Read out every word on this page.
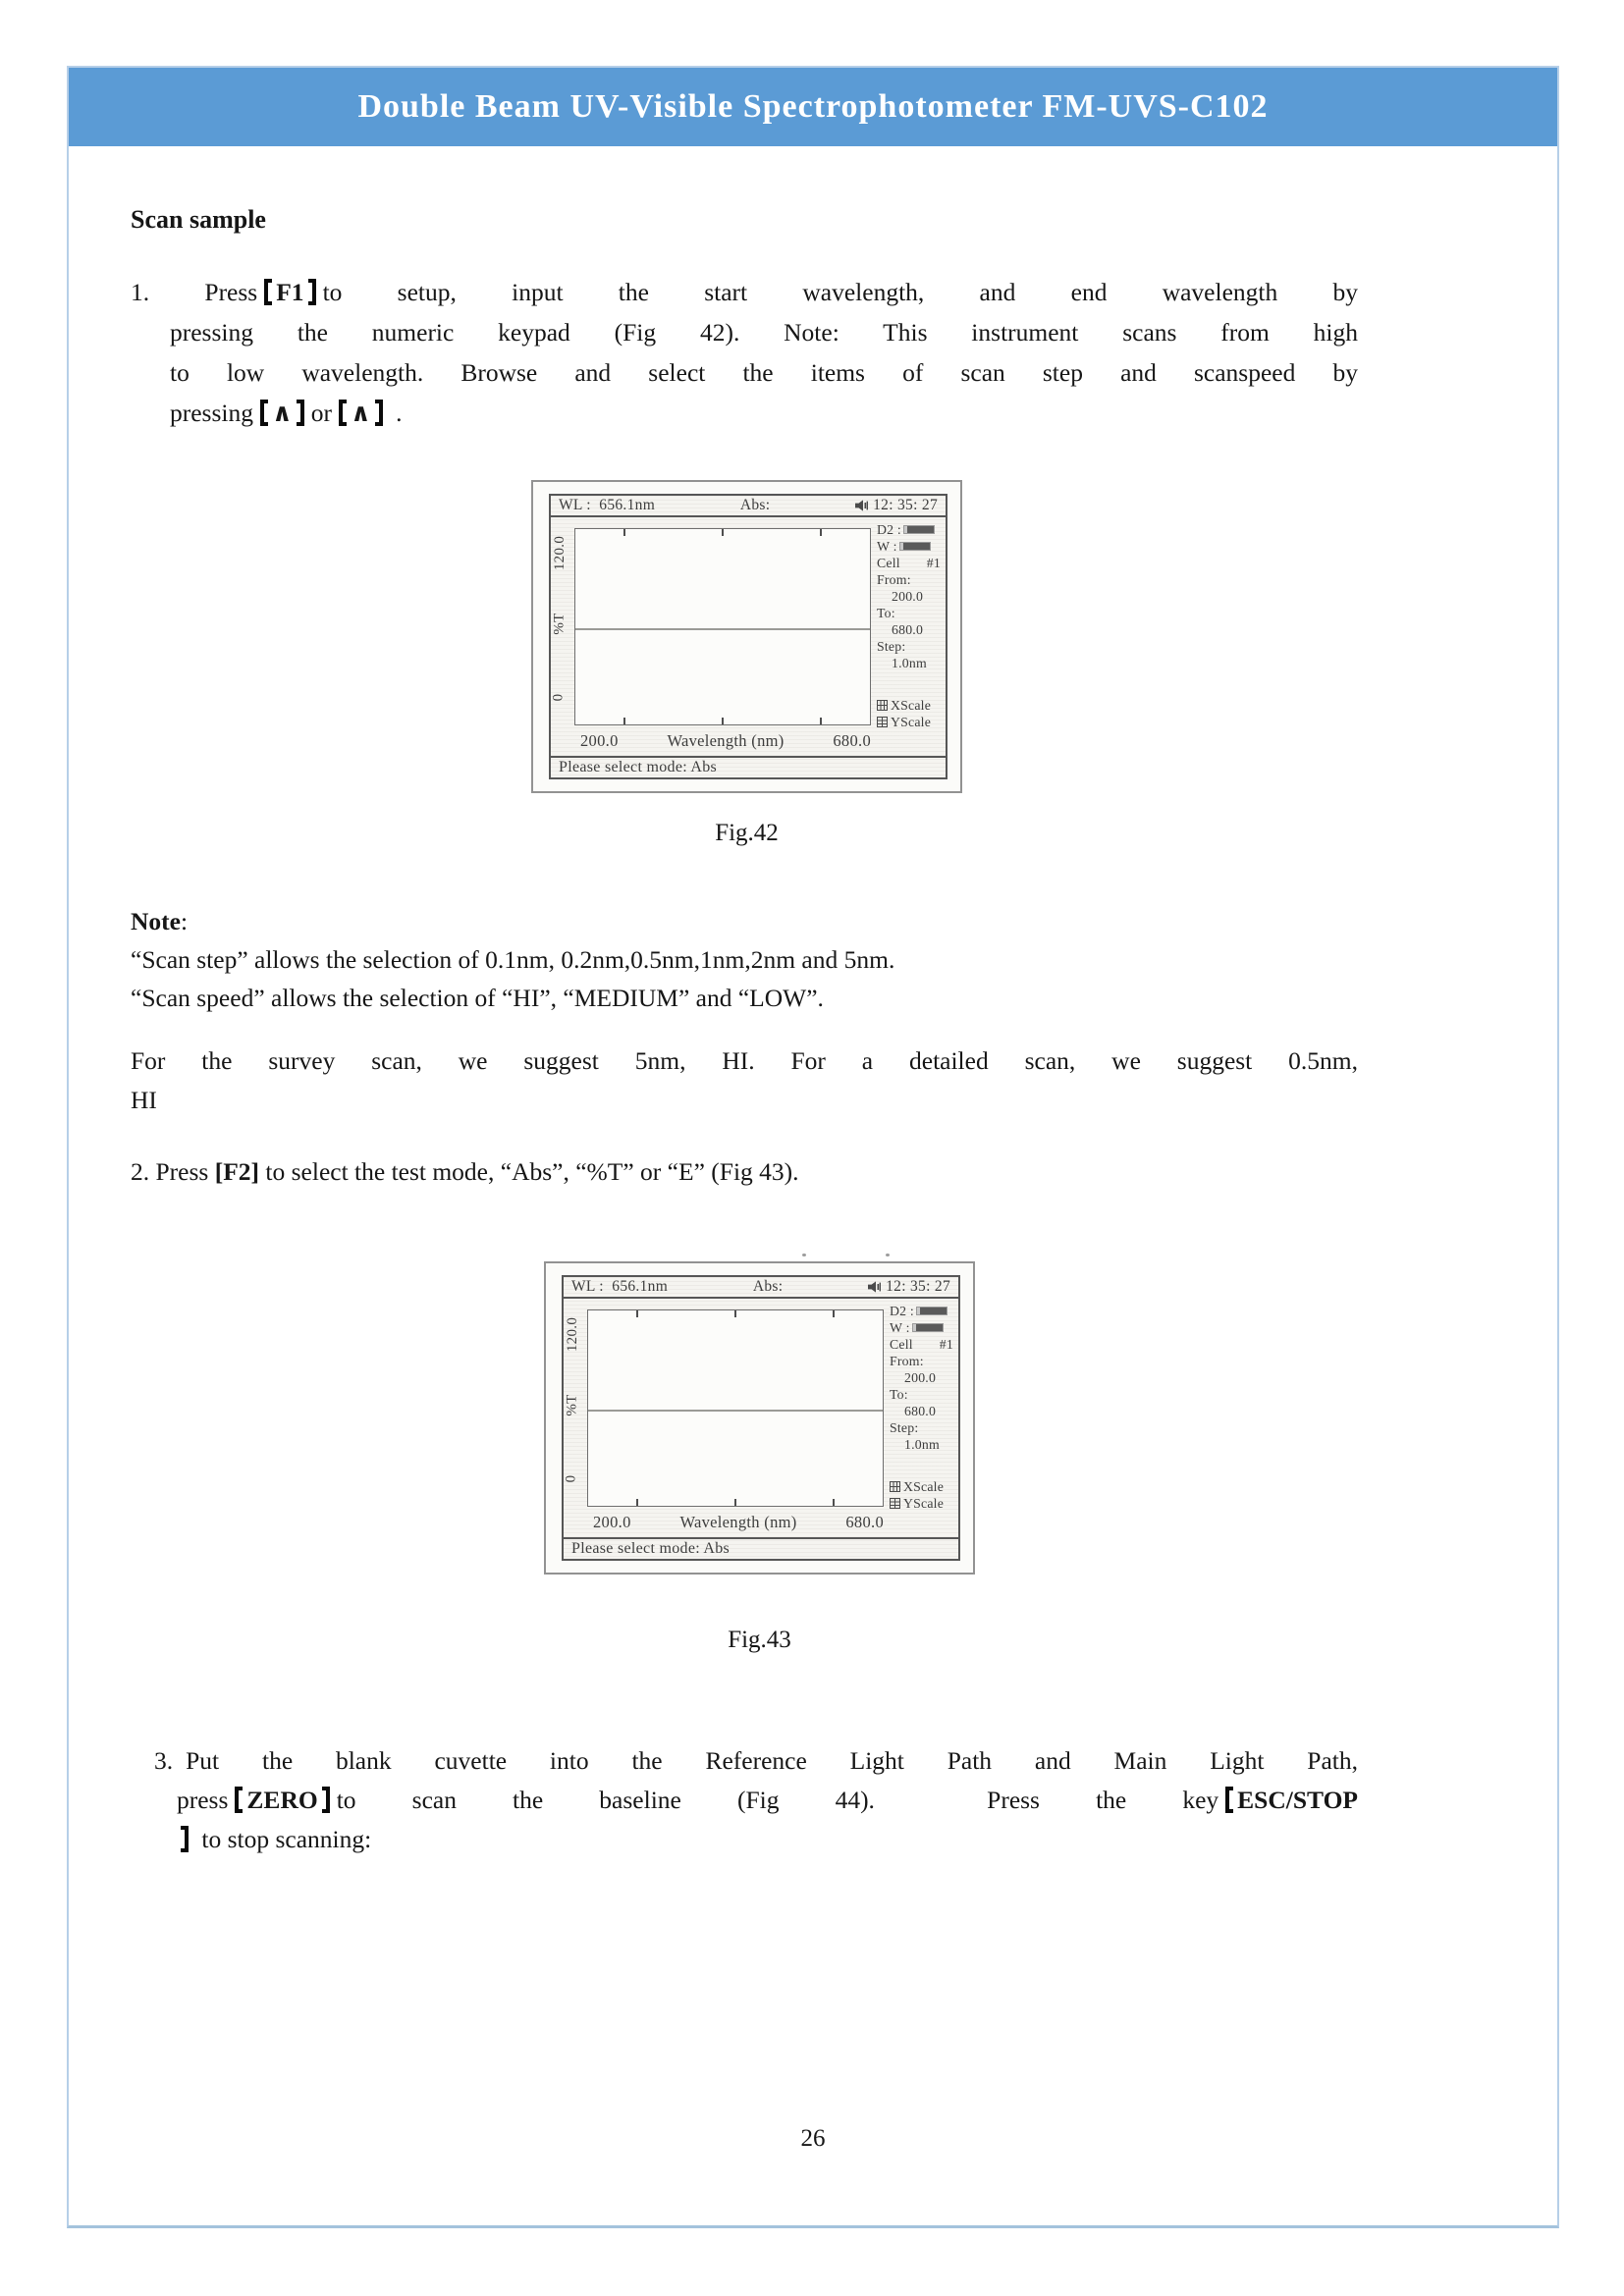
Double Beam UV-Visible Spectrophotometer FM-UVS-C102
Scan sample
1. Press F1 to setup, input the start wavelength, and end wavelength by
pressing the numeric keypad (Fig 42). Note: This instrument scans from high
to low wavelength. Browse and select the items of scan step and scanspeed by
pressing ∧ or ∧ .
WL : 656.1nm	Abs:	12: 35: 27
120.0
%T
0
200.0	Wavelength (nm)	680.0
D2 :
W :
Cell #1
From:
200.0
To:
680.0
Step:
1.0nm
XScale
YScale
Please select mode: Abs
Fig.42
Note:
“Scan step” allows the selection of 0.1nm, 0.2nm,0.5nm,1nm,2nm and 5nm.
“Scan speed” allows the selection of “HI”, “MEDIUM” and “LOW”.
For the survey scan, we suggest 5nm, HI. For a detailed scan, we suggest 0.5nm,
HI
2. Press [F2] to select the test mode, “Abs”, “%T” or “E” (Fig 43).
WL : 656.1nm	Abs:	12: 35: 27
120.0
%T
0
200.0	Wavelength (nm)	680.0
D2 :
W :
Cell #1
From:
200.0
To:
680.0
Step:
1.0nm
XScale
YScale
Please select mode: Abs
Fig.43
3. Put the blank cuvette into the Reference Light Path and Main Light Path,
press ZERO to scan the baseline (Fig 44).  Press the key ESC/STOP
to stop scanning:
26
